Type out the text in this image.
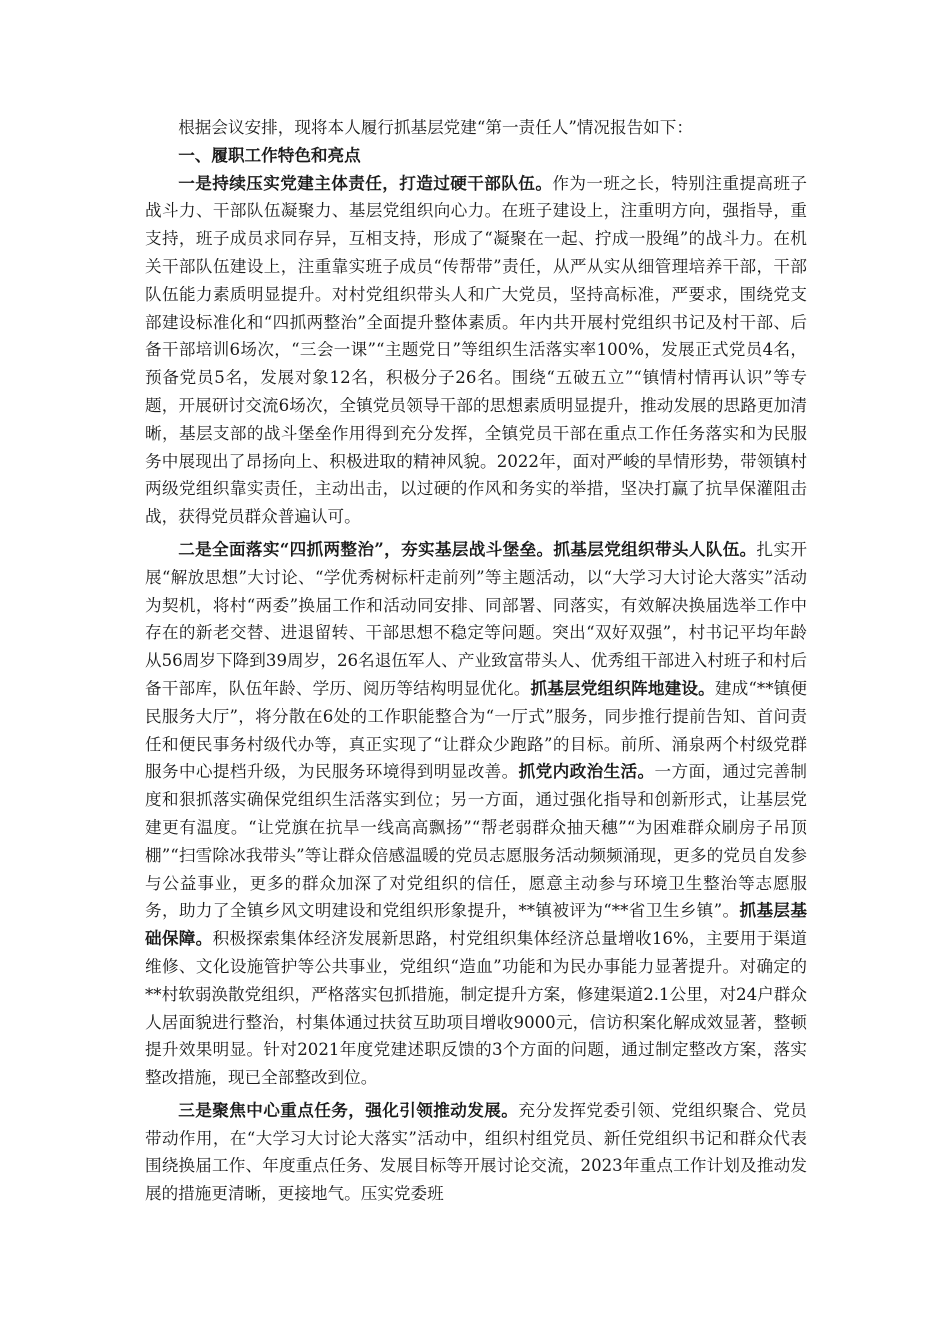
根据会议安排，现将本人履行抓基层党建“第一责任人”情况报告如下：

一、履职工作特色和亮点

一是持续压实党建主体责任，打造过硬干部队伍。作为一班之长，特别注重提高班子战斗力、干部队伍凝聚力、基层党组织向心力。在班子建设上，注重明方向，强指导，重支持，班子成员求同存异，互相支持，形成了“凝聚在一起、拧成一股绳”的战斗力。在机关干部队伍建设上，注重靠实班子成员“传帮带”责任，从严从实从细管理培养干部，干部队伍能力素质明显提升。对村党组织带头人和广大党员，坚持高标准，严要求，围绕党支部建设标准化和“四抓两整治”全面提升整体素质。年内共开展村党组织书记及村干部、后备干部培训6场次，“三会一课”“主题党日”等组织生活落实率100%，发展正式党员4名，预备党员5名，发展对象12名，积极分子26名。围绕“五破五立”“镇情村情再认识”等专题，开展研讨交流6场次，全镇党员领导干部的思想素质明显提升，推动发展的思路更加清晰，基层支部的战斗堡垒作用得到充分发挥，全镇党员干部在重点工作任务落实和为民服务中展现出了昂扬向上、积极进取的精神风貌。2022年，面对严峻的旱情形势，带领镇村两级党组织靠实责任，主动出击，以过硬的作风和务实的举措，坚决打赢了抗旱保灌阻击战，获得党员群众普遍认可。

二是全面落实“四抓两整治”，夯实基层战斗堡垒。抓基层党组织带头人队伍。扎实开展“解放思想”大讨论、“学优秀树标杆走前列”等主题活动，以“大学习大讨论大落实”活动为契机，将村“两委”换届工作和活动同安排、同部署、同落实，有效解决换届选举工作中存在的新老交替、进退留转、干部思想不稳定等问题。突出“双好双强”，村书记平均年龄从56周岁下降到39周岁，26名退伍军人、产业致富带头人、优秀组干部进入村班子和村后备干部库，队伍年龄、学历、阅历等结构明显优化。抓基层党组织阵地建设。建成“**镇便民服务大厅”，将分散在6处的工作职能整合为“一厅式”服务，同步推行提前告知、首问责任和便民事务村级代办等，真正实现了“让群众少跑路”的目标。前所、涌泉两个村级党群服务中心提档升级，为民服务环境得到明显改善。抓党内政治生活。一方面，通过完善制度和狠抓落实确保党组织生活落实到位；另一方面，通过强化指导和创新形式，让基层党建更有温度。“让党旗在抗旱一线高高飘扬”“帮老弱群众抽天穗”“为困难群众刷房子吊顶棚”“扫雪除冰我带头”等让群众倍感温暖的党员志愿服务活动频频涌现，更多的党员自发参与公益事业，更多的群众加深了对党组织的信任，愿意主动参与环境卫生整治等志愿服务，助力了全镇乡风文明建设和党组织形象提升，**镇被评为“**省卫生乡镇”。抓基层基础保障。积极探索集体经济发展新思路，村党组织集体经济总量增收16%，主要用于渠道维修、文化设施管护等公共事业，党组织“造血”功能和为民办事能力显著提升。对确定的**村软弱涣散党组织，严格落实包抓措施，制定提升方案，修建渠道2.1公里，对24户群众人居面貌进行整治，村集体通过扶贫互助项目增收9000元，信访积案化解成效显著，整顿提升效果明显。针对2021年度党建述职反馈的3个方面的问题，通过制定整改方案，落实整改措施，现已全部整改到位。

三是聚焦中心重点任务，强化引领推动发展。充分发挥党委引领、党组织聚合、党员带动作用，在“大学习大讨论大落实”活动中，组织村组党员、新任党组织书记和群众代表围绕换届工作、年度重点任务、发展目标等开展讨论交流，2023年重点工作计划及推动发展的措施更清晰，更接地气。压实党委班
